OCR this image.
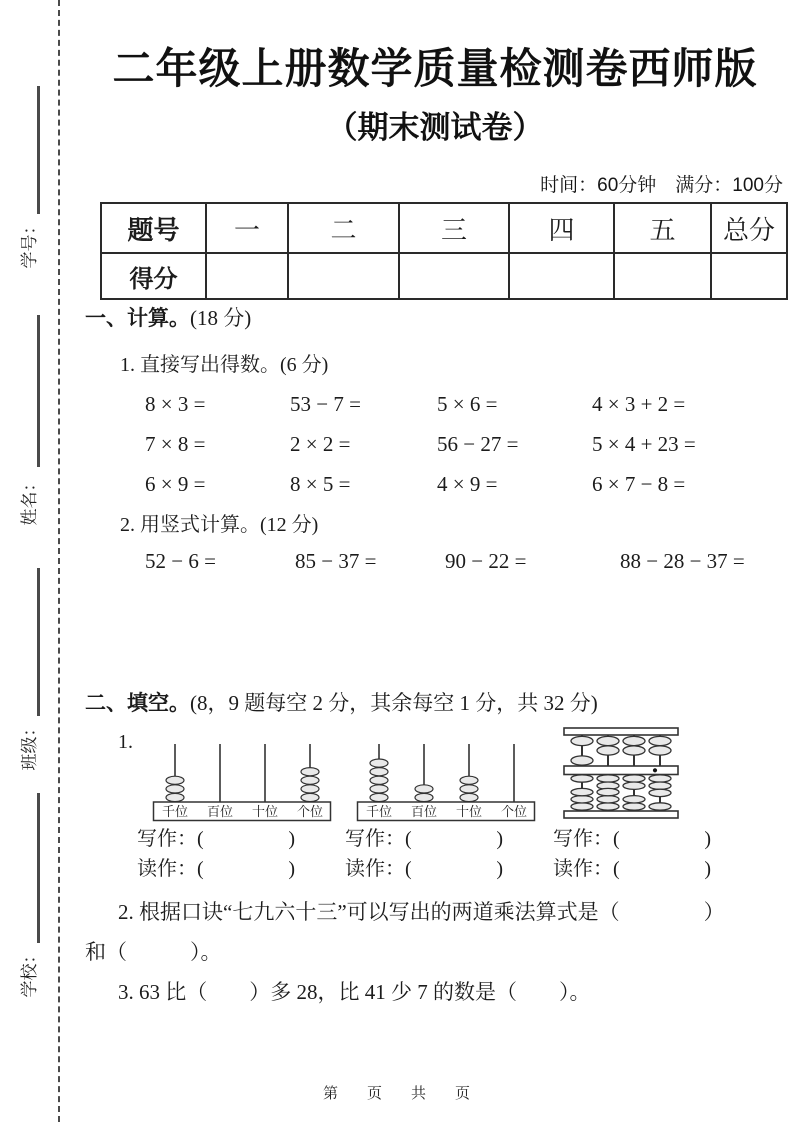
学号：
姓名：
班级：
学校：
二年级上册数学质量检测卷西师版
（期末测试卷）
时间：60分钟　满分：100分
题号	一	二	三	四	五	总分
得分						
一、计算。(18 分)
1. 直接写出得数。(6 分)
8 × 3 =	53 − 7 =	5 × 6 =	4 × 3 + 2 =
7 × 8 =	2 × 2 =	56 − 27 =	5 × 4 + 23 =
6 × 9 =	8 × 5 =	4 × 9 =	6 × 7 − 8 =
2. 用竖式计算。(12 分)
52 − 6 =	85 − 37 =	90 − 22 =	88 − 28 − 37 =
二、填空。(8，9 题每空 2 分，其余每空 1 分，共 32 分)
1.
千位 百位 十位 个位	千位 百位 十位 个位
写作：(	)
读作：(	)
写作：(	)
读作：(	)
写作：(	)
读作：(	)
2. 根据口诀“七九六十三”可以写出的两道乘法算式是（　　　　）
和（　　　）。
3. 63 比（　　）多 28，比 41 少 7 的数是（　　）。
第　页　共　页
